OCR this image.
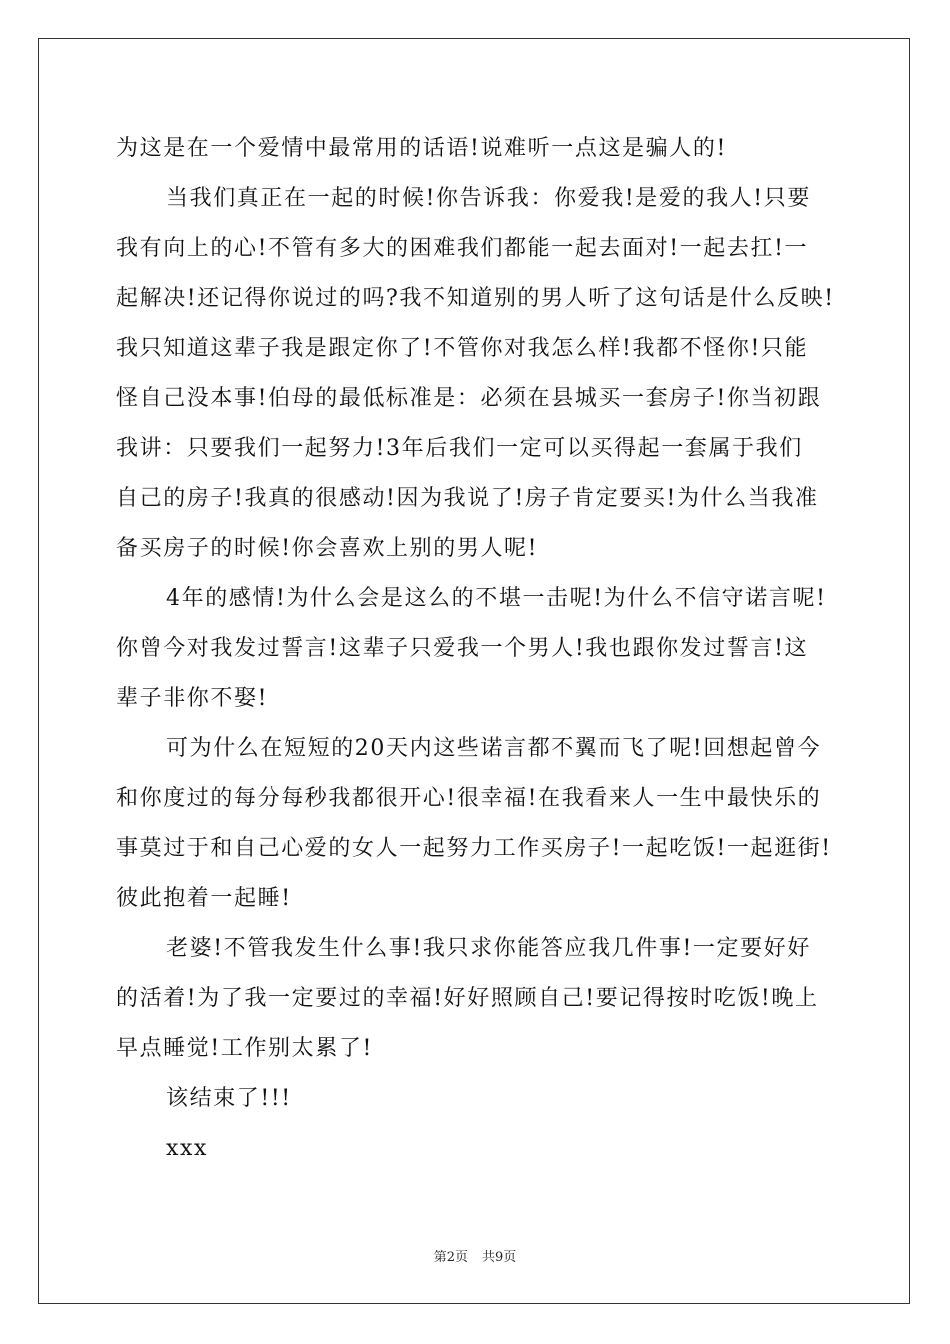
为这是在一个爱情中最常用的话语!说难听一点这是骗人的!

当我们真正在一起的时候!你告诉我：你爱我!是爱的我人!只要

我有向上的心!不管有多大的困难我们都能一起去面对!一起去扛!一

起解决!还记得你说过的吗?我不知道别的男人听了这句话是什么反映!

我只知道这辈子我是跟定你了!不管你对我怎么样!我都不怪你!只能

怪自己没本事!伯母的最低标准是：必须在县城买一套房子!你当初跟

我讲：只要我们一起努力!3年后我们一定可以买得起一套属于我们

自己的房子!我真的很感动!因为我说了!房子肯定要买!为什么当我准

备买房子的时候!你会喜欢上别的男人呢!

4年的感情!为什么会是这么的不堪一击呢!为什么不信守诺言呢!

你曾今对我发过誓言!这辈子只爱我一个男人!我也跟你发过誓言!这

辈子非你不娶!

可为什么在短短的20天内这些诺言都不翼而飞了呢!回想起曾今

和你度过的每分每秒我都很开心!很幸福!在我看来人一生中最快乐的

事莫过于和自己心爱的女人一起努力工作买房子!一起吃饭!一起逛街!

彼此抱着一起睡!

老婆!不管我发生什么事!我只求你能答应我几件事!一定要好好

的活着!为了我一定要过的幸福!好好照顾自己!要记得按时吃饭!晚上

早点睡觉!工作别太累了!

该结束了!!!

xxx

第2页 共9页
